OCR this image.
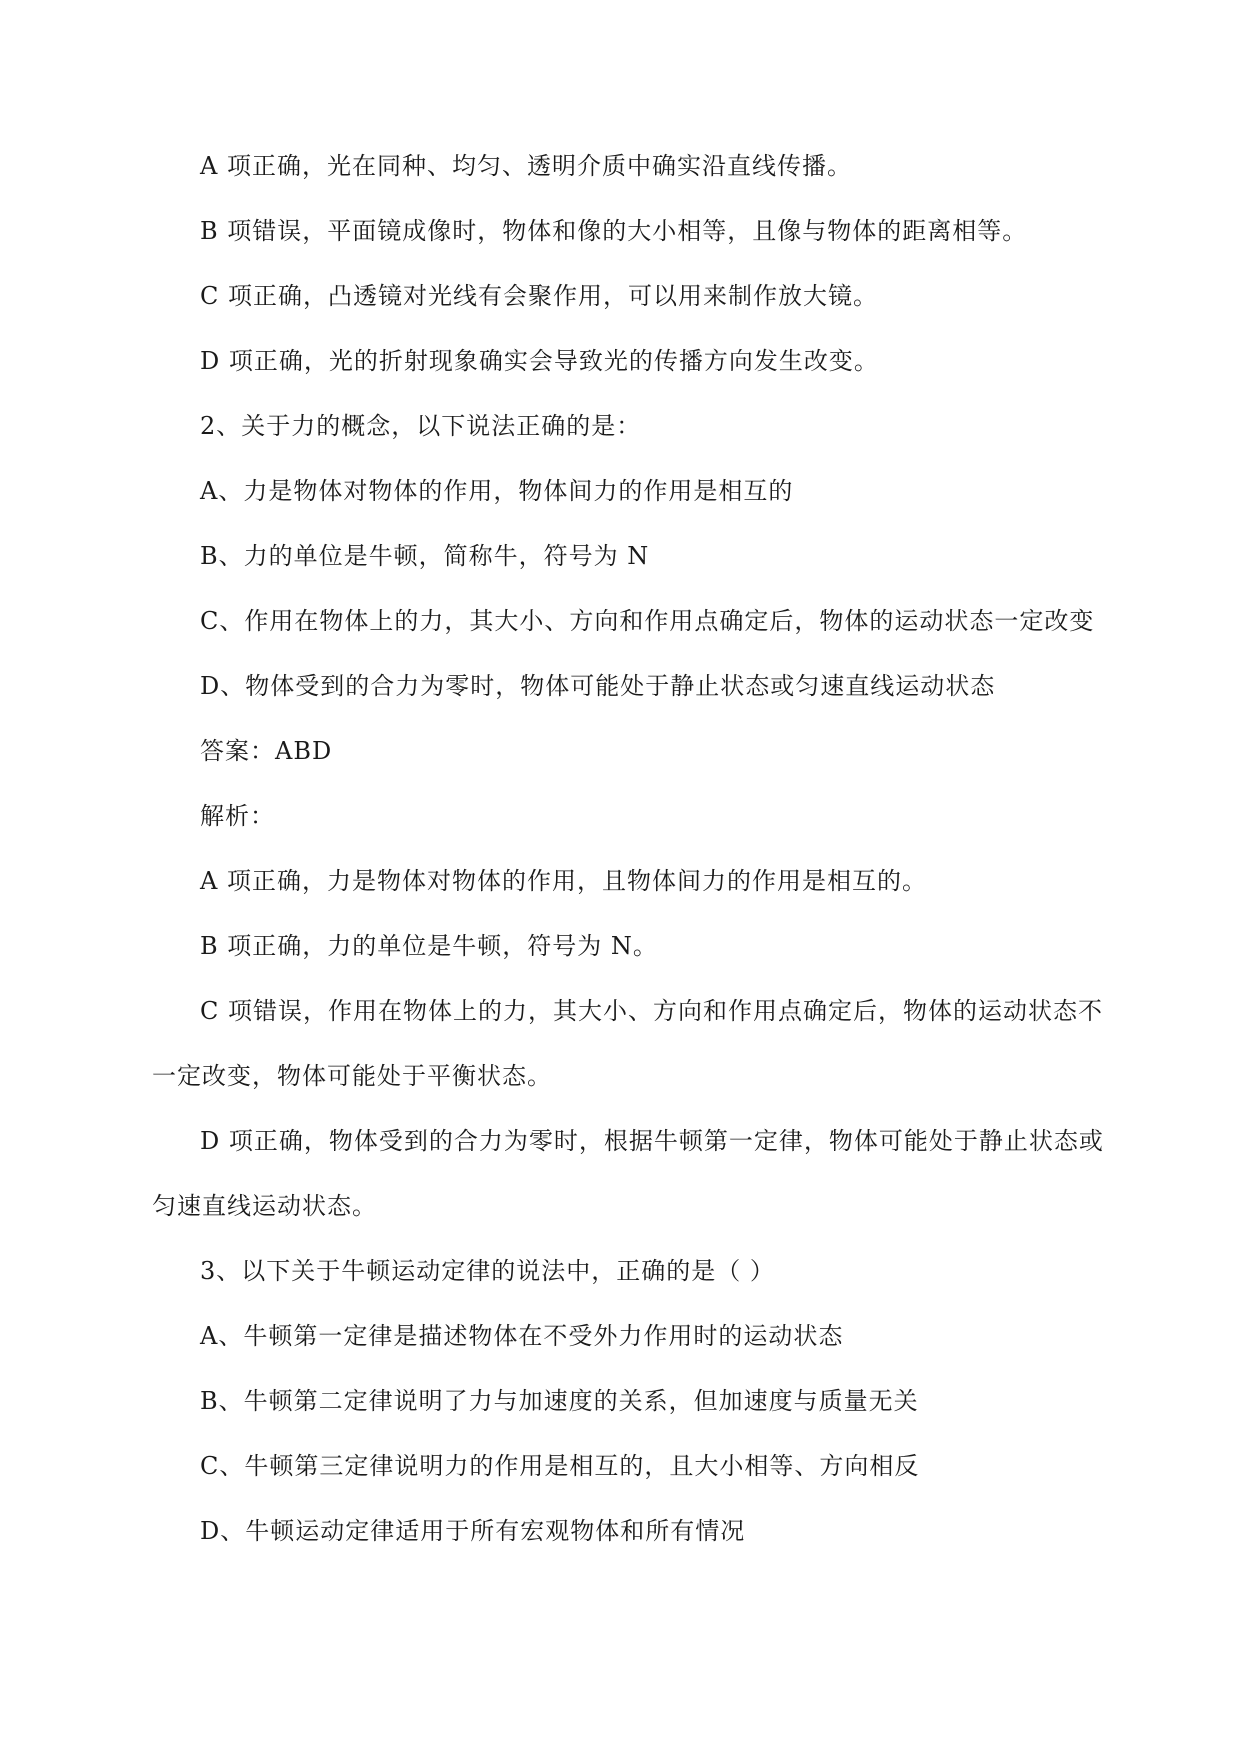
A 项正确，光在同种、均匀、透明介质中确实沿直线传播。
B 项错误，平面镜成像时，物体和像的大小相等，且像与物体的距离相等。
C 项正确，凸透镜对光线有会聚作用，可以用来制作放大镜。
D 项正确，光的折射现象确实会导致光的传播方向发生改变。
2、关于力的概念，以下说法正确的是：
A、力是物体对物体的作用，物体间力的作用是相互的
B、力的单位是牛顿，简称牛，符号为 N
C、作用在物体上的力，其大小、方向和作用点确定后，物体的运动状态一定改变
D、物体受到的合力为零时，物体可能处于静止状态或匀速直线运动状态
答案：ABD
解析：
A 项正确，力是物体对物体的作用，且物体间力的作用是相互的。
B 项正确，力的单位是牛顿，符号为 N。
C 项错误，作用在物体上的力，其大小、方向和作用点确定后，物体的运动状态不
一定改变，物体可能处于平衡状态。
D 项正确，物体受到的合力为零时，根据牛顿第一定律，物体可能处于静止状态或
匀速直线运动状态。
3、以下关于牛顿运动定律的说法中，正确的是（ ）
A、牛顿第一定律是描述物体在不受外力作用时的运动状态
B、牛顿第二定律说明了力与加速度的关系，但加速度与质量无关
C、牛顿第三定律说明力的作用是相互的，且大小相等、方向相反
D、牛顿运动定律适用于所有宏观物体和所有情况
